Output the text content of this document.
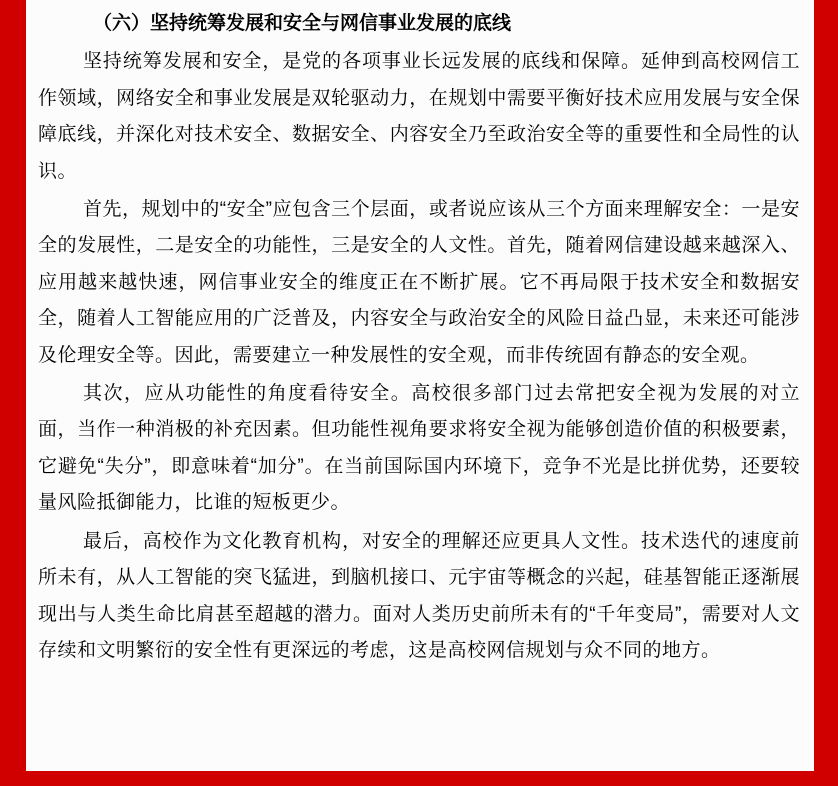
（六）坚持统筹发展和安全与网信事业发展的底线

坚持统筹发展和安全，是党的各项事业长远发展的底线和保障。延伸到高校网信工作领域，网络安全和事业发展是双轮驱动力，在规划中需要平衡好技术应用发展与安全保障底线，并深化对技术安全、数据安全、内容安全乃至政治安全等的重要性和全局性的认识。

首先，规划中的“安全”应包含三个层面，或者说应该从三个方面来理解安全：一是安全的发展性，二是安全的功能性，三是安全的人文性。首先，随着网信建设越来越深入、应用越来越快速，网信事业安全的维度正在不断扩展。它不再局限于技术安全和数据安全，随着人工智能应用的广泛普及，内容安全与政治安全的风险日益凸显，未来还可能涉及伦理安全等。因此，需要建立一种发展性的安全观，而非传统固有静态的安全观。

其次，应从功能性的角度看待安全。高校很多部门过去常把安全视为发展的对立面，当作一种消极的补充因素。但功能性视角要求将安全视为能够创造价值的积极要素，它避免“失分”，即意味着“加分”。在当前国际国内环境下，竞争不光是比拼优势，还要较量风险抵御能力，比谁的短板更少。

最后，高校作为文化教育机构，对安全的理解还应更具人文性。技术迭代的速度前所未有，从人工智能的突飞猛进，到脑机接口、元宇宙等概念的兴起，硅基智能正逐渐展现出与人类生命比肩甚至超越的潜力。面对人类历史前所未有的“千年变局”，需要对人文存续和文明繁衍的安全性有更深远的考虑，这是高校网信规划与众不同的地方。
